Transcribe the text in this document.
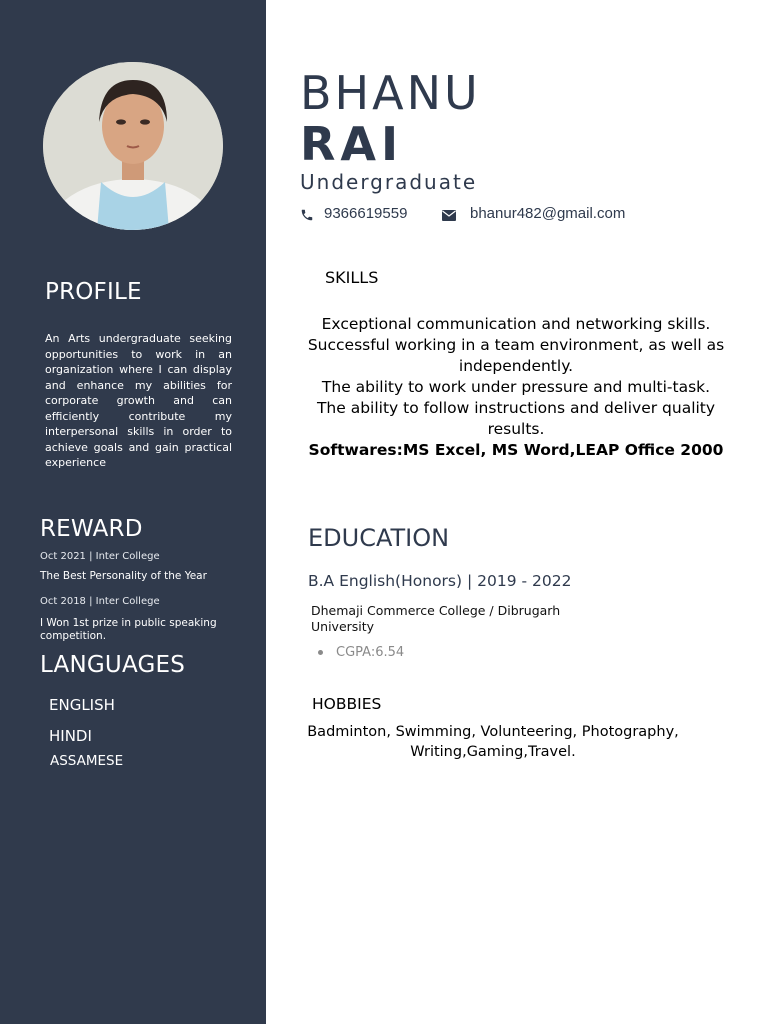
PROFILE
An Arts undergraduate seeking opportunities to work in an organization where I can display and enhance my abilities for corporate growth and can efficiently contribute my interpersonal skills in order to achieve goals and gain practical experience
REWARD
Oct 2021 | Inter College
The Best Personality of the Year
Oct 2018 | Inter College
I Won 1st prize in public speaking competition.
LANGUAGES
ENGLISH
HINDI
ASSAMESE
BHANU
RAI
Undergraduate
9366619559	bhanur482@gmail.com
SKILLS
Exceptional communication and networking skills.
Successful working in a team environment, as well as independently.
The ability to work under pressure and multi-task.
The ability to follow instructions and deliver quality results.
Softwares:MS Excel, MS Word,LEAP Office 2000
EDUCATION
B.A English(Honors) | 2019 - 2022
Dhemaji Commerce College / Dibrugarh University
CGPA:6.54
HOBBIES
Badminton, Swimming, Volunteering, Photography, Writing,Gaming,Travel.
